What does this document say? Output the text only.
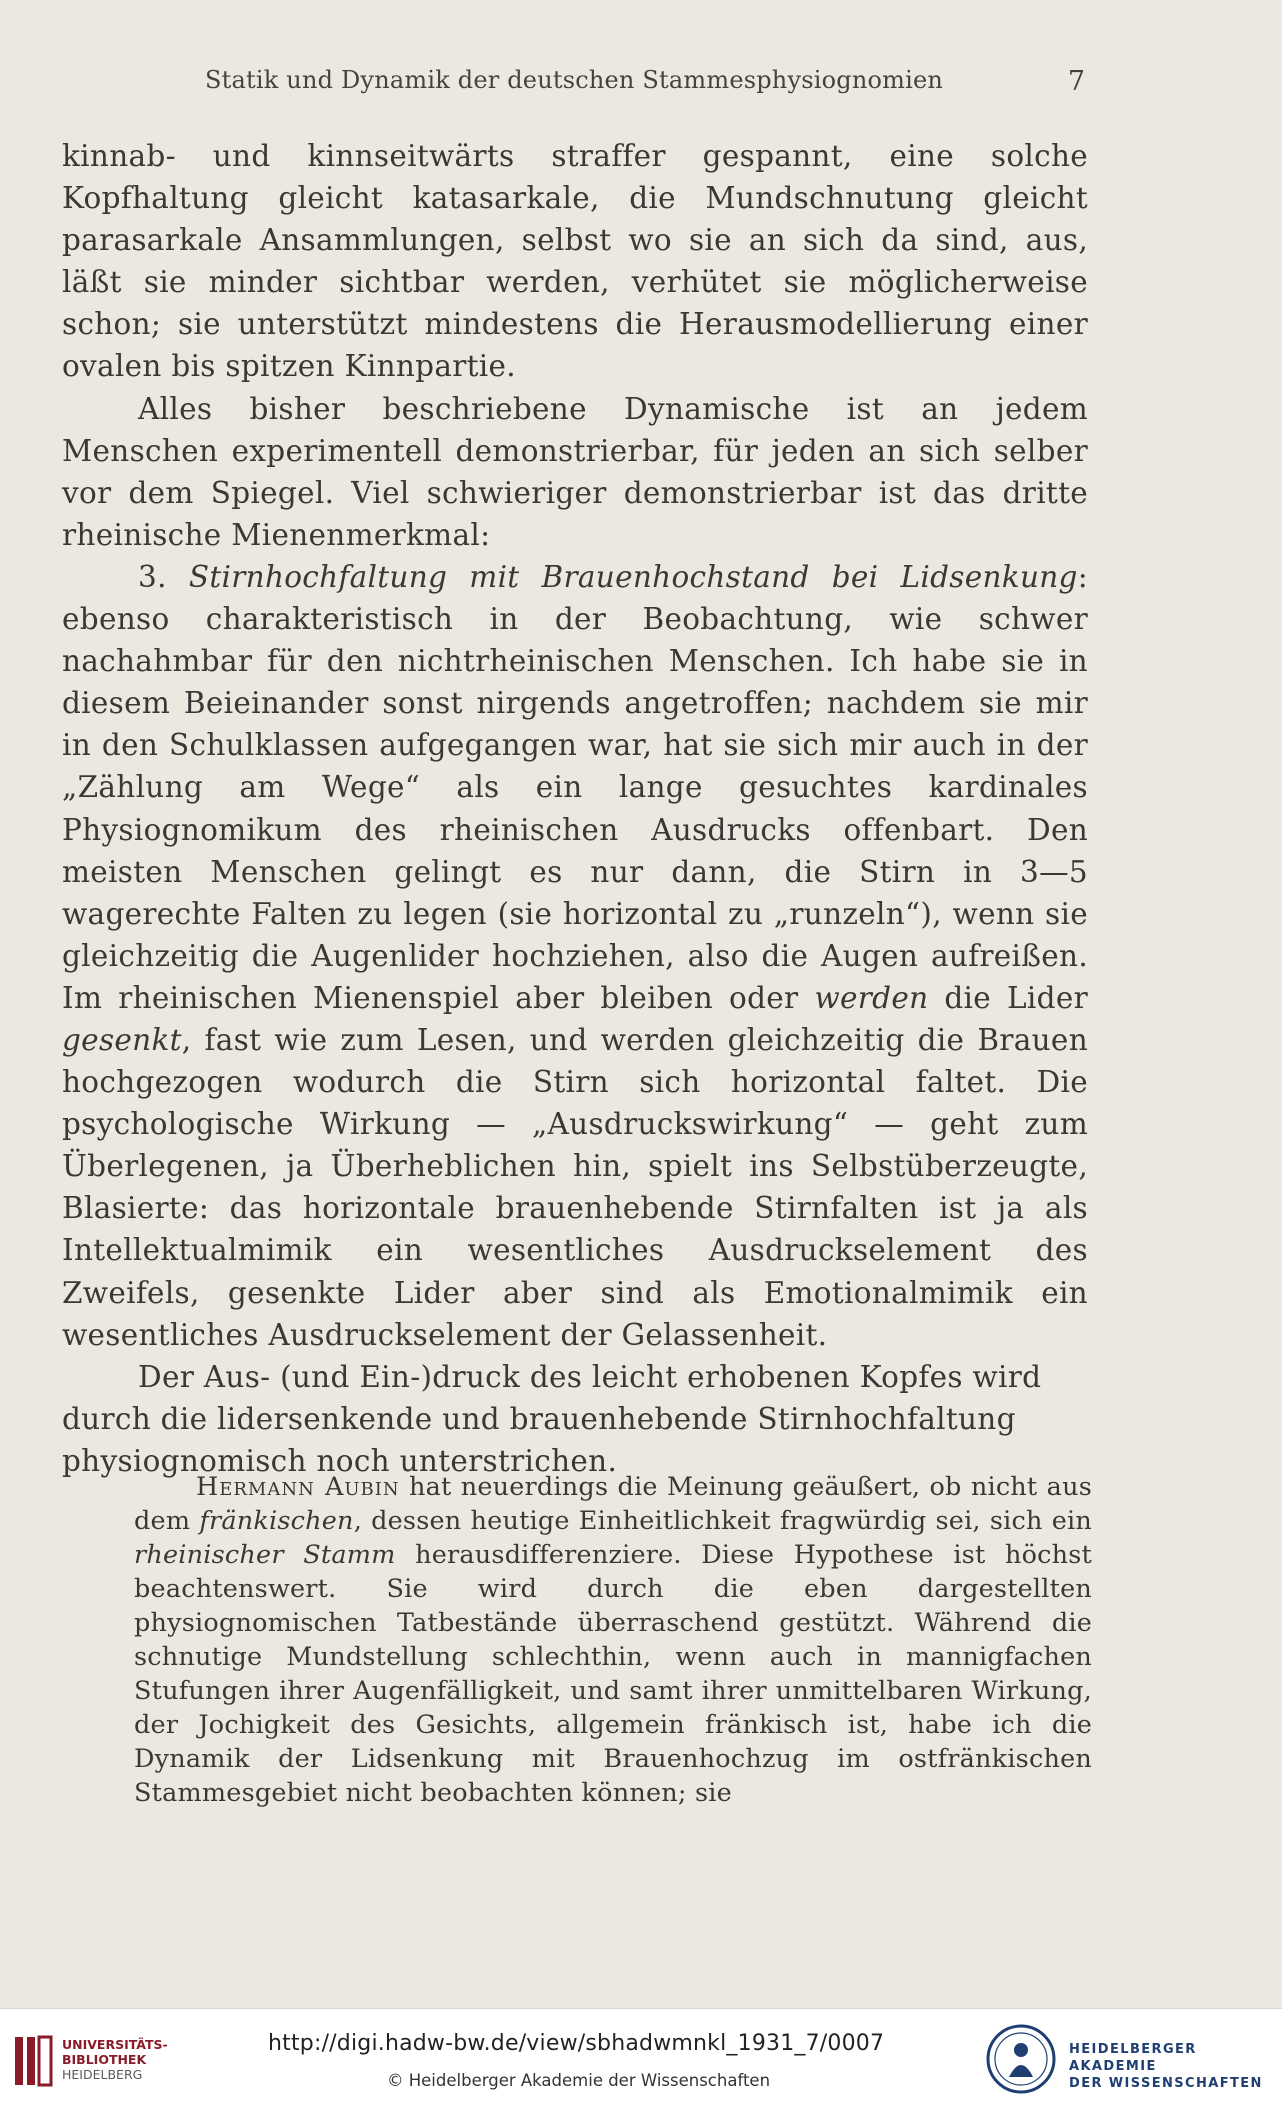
Statik und Dynamik der deutschen Stammesphysiognomien	7

kinnab- und kinnseitwärts straffer gespannt, eine solche Kopfhaltung gleicht katasarkale, die Mundschnutung gleicht parasarkale Ansammlungen, selbst wo sie an sich da sind, aus, läßt sie minder sichtbar werden, verhütet sie möglicherweise schon; sie unterstützt mindestens die Herausmodellierung einer ovalen bis spitzen Kinnpartie.

Alles bisher beschriebene Dynamische ist an jedem Menschen experimentell demonstrierbar, für jeden an sich selber vor dem Spiegel. Viel schwieriger demonstrierbar ist das dritte rheinische Mienenmerkmal:

3. Stirnhochfaltung mit Brauenhochstand bei Lidsenkung: ebenso charakteristisch in der Beobachtung, wie schwer nachahmbar für den nichtrheinischen Menschen. Ich habe sie in diesem Beieinander sonst nirgends angetroffen; nachdem sie mir in den Schulklassen aufgegangen war, hat sie sich mir auch in der „Zählung am Wege“ als ein lange gesuchtes kardinales Physiognomikum des rheinischen Ausdrucks offenbart. Den meisten Menschen gelingt es nur dann, die Stirn in 3—5 wagerechte Falten zu legen (sie horizontal zu „runzeln“), wenn sie gleichzeitig die Augenlider hochziehen, also die Augen aufreißen. Im rheinischen Mienenspiel aber bleiben oder werden die Lider gesenkt, fast wie zum Lesen, und werden gleichzeitig die Brauen hochgezogen wodurch die Stirn sich horizontal faltet. Die psychologische Wirkung — „Ausdruckswirkung“ — geht zum Überlegenen, ja Überheblichen hin, spielt ins Selbstüberzeugte, Blasierte: das horizontale brauenhebende Stirnfalten ist ja als Intellektualmimik ein wesentliches Ausdruckselement des Zweifels, gesenkte Lider aber sind als Emotionalmimik ein wesentliches Ausdruckselement der Gelassenheit.

Der Aus- (und Ein-)druck des leicht erhobenen Kopfes wird durch die lidersenkende und brauenhebende Stirnhochfaltung physiognomisch noch unterstrichen.

Hermann Aubin hat neuerdings die Meinung geäußert, ob nicht aus dem fränkischen, dessen heutige Einheitlichkeit fragwürdig sei, sich ein rheinischer Stamm herausdifferenziere. Diese Hypothese ist höchst beachtenswert. Sie wird durch die eben dargestellten physiognomischen Tatbestände überraschend gestützt. Während die schnutige Mundstellung schlechthin, wenn auch in mannigfachen Stufungen ihrer Augenfälligkeit, und samt ihrer unmittelbaren Wirkung, der Jochigkeit des Gesichts, allgemein fränkisch ist, habe ich die Dynamik der Lidsenkung mit Brauenhochzug im ostfränkischen Stammesgebiet nicht beobachten können; sie

UNIVERSITÄTS-
BIBLIOTHEK
HEIDELBERG
http://digi.hadw-bw.de/view/sbhadwmnkl_1931_7/0007
© Heidelberger Akademie der Wissenschaften
HEIDELBERGER AKADEMIE
DER WISSENSCHAFTEN
